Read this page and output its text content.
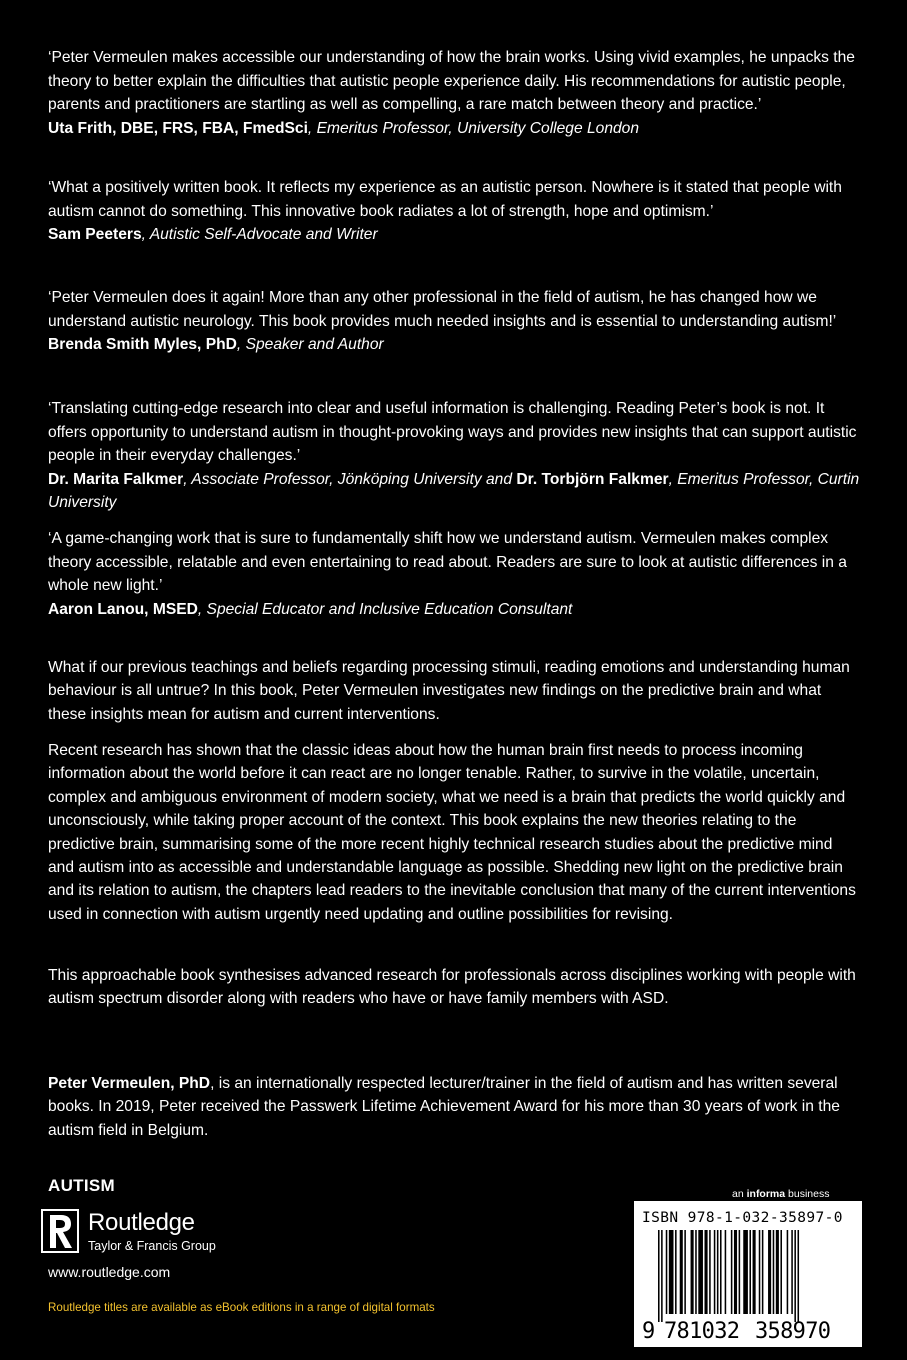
‘Peter Vermeulen makes accessible our understanding of how the brain works. Using vivid examples, he unpacks the theory to better explain the difficulties that autistic people experience daily. His recommendations for autistic people, parents and practitioners are startling as well as compelling, a rare match between theory and practice.’

Uta Frith, DBE, FRS, FBA, FmedSci, Emeritus Professor, University College London

‘What a positively written book. It reflects my experience as an autistic person. Nowhere is it stated that people with autism cannot do something. This innovative book radiates a lot of strength, hope and optimism.’

Sam Peeters, Autistic Self-Advocate and Writer

‘Peter Vermeulen does it again! More than any other professional in the field of autism, he has changed how we understand autistic neurology. This book provides much needed insights and is essential to understanding autism!’

Brenda Smith Myles, PhD, Speaker and Author

‘Translating cutting-edge research into clear and useful information is challenging. Reading Peter’s book is not. It offers opportunity to understand autism in thought-provoking ways and provides new insights that can support autistic people in their everyday challenges.’

Dr. Marita Falkmer, Associate Professor, Jönköping University and Dr. Torbjörn Falkmer, Emeritus Professor, Curtin University

‘A game-changing work that is sure to fundamentally shift how we understand autism. Vermeulen makes complex theory accessible, relatable and even entertaining to read about. Readers are sure to look at autistic differences in a whole new light.’

Aaron Lanou, MSED, Special Educator and Inclusive Education Consultant

What if our previous teachings and beliefs regarding processing stimuli, reading emotions and understanding human behaviour is all untrue? In this book, Peter Vermeulen investigates new findings on the predictive brain and what these insights mean for autism and current interventions.

Recent research has shown that the classic ideas about how the human brain first needs to process incoming information about the world before it can react are no longer tenable. Rather, to survive in the volatile, uncertain, complex and ambiguous environment of modern society, what we need is a brain that predicts the world quickly and unconsciously, while taking proper account of the context. This book explains the new theories relating to the predictive brain, summarising some of the more recent highly technical research studies about the predictive mind and autism into as accessible and understandable language as possible. Shedding new light on the predictive brain and its relation to autism, the chapters lead readers to the inevitable conclusion that many of the current interventions used in connection with autism urgently need updating and outline possibilities for revising.

This approachable book synthesises advanced research for professionals across disciplines working with people with autism spectrum disorder along with readers who have or have family members with ASD.

Peter Vermeulen, PhD, is an internationally respected lecturer/trainer in the field of autism and has written several books. In 2019, Peter received the Passwerk Lifetime Achievement Award for his more than 30 years of work in the autism field in Belgium.

AUTISM
Routledge
Taylor & Francis Group
www.routledge.com
Routledge titles are available as eBook editions in a range of digital formats
an informa business
ISBN 978-1-032-35897-0
9 781032 358970
